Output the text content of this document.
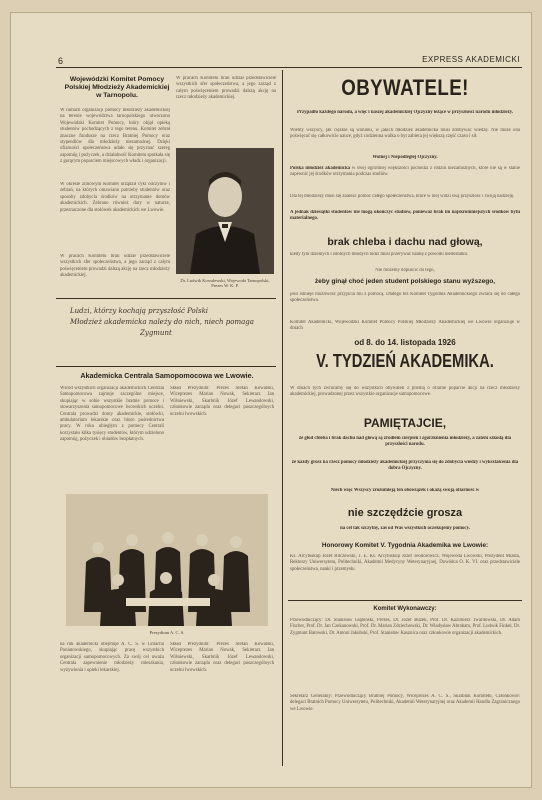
6	EXPRESS AKADEMICKI
Wojewódzki Komitet Pomocy Polskiej Młodzieży Akademickiej w Tarnopolu.
W ramach organizacji pomocy młodzieży akademickiej na terenie województwa tarnopolskiego utworzono Wojewódzki Komitet Pomocy, który objął opieką studentów pochodzących z tego terenu. Komitet zebrał znaczne fundusze na rzecz Bratniej Pomocy oraz stypendiów dla młodzieży niezamożnej. Dzięki ofiarności społeczeństwa udało się przyznać szereg zapomóg i pożyczek, a działalność Komitetu spotkała się z gorącym poparciem miejscowych władz i organizacji.
W okresie zimowym Komitet urządził cykl odczytów i zebrań, na których omawiano potrzeby studentów oraz sposoby zdobycia środków na utrzymanie domów akademickich. Zebrano również dary w naturze, przeznaczone dla stołówek akademickich we Lwowie.
W pracach Komitetu brali udział przedstawiciele wszystkich sfer społeczeństwa, a jego zarząd z całym poświęceniem prowadzi dalszą akcję na rzecz młodzieży akademickiej.
W pracach Komitetu brali udział przedstawiciele wszystkich sfer społeczeństwa, a jego zarząd z całym poświęceniem prowadzi dalszą akcję na rzecz młodzieży akademickiej.
Dr. Ludwik Kowalewski, Wojewoda Tarnopolski, Prezes W. K. P.
Ludzi, którzy kochają przyszłość Polski
Młodzież akademicka należy do nich, niech pomaga
Zygmunt
Akademicka Centrala Samopomocowa we Lwowie.
Wśród wszystkich organizacji akademickich Centrala Samopomocowa zajmuje szczególne miejsce, skupiając w sobie wszystkie bratnie pomoce i stowarzyszenia samopomocowe lwowskich uczelni. Centrala prowadzi domy akademickie, stołówki, ambulatorium lekarskie oraz biuro pośrednictwa pracy. W roku ubiegłym z pomocy Centrali korzystało kilka tysięcy studentów, którym udzielono zapomóg, pożyczek i obiadów bezpłatnych.
Skład Prezydium: Prezes Stefan Kowalski, Wiceprezes Marian Nowak, Sekretarz Jan Wiśniewski, Skarbnik Józef Lewandowski, członkowie zarządu oraz delegaci poszczególnych uczelni lwowskich.
Prezydium A. C. S.
na rok akademicki obejmuje A. C. S. w Gmachu Poniatowskiego, skupiając pracę wszystkich organizacji samopomocowych. Za swój cel uważa Centrala zapewnienie młodzieży mieszkania, wyżywienia i opieki lekarskiej.
Skład Prezydium: Prezes Stefan Kowalski, Wiceprezes Marian Nowak, Sekretarz Jan Wiśniewski, Skarbnik Józef Lewandowski, członkowie zarządu oraz delegaci poszczególnych uczelni lwowskich.
OBYWATELE!
Przypadło każdego narodu, a więc i naszej akademickiej Ojczyzny leżące w przyszłości narodu młodzieży.
Wiemy wszyscy, jak ciężkie są warunki, w jakich młodzież akademicka musi zdobywać wiedzę. Nie może ona poświęcać się całkowicie nauce, gdyż codzienna walka o byt zabiera jej większą część czasu i sił.
Wolnej i Niepodległej Ojczyzny.
Polska młodzież akademicka w swej ogromnej większości pochodzi z rodzin niezamożnych, które nie są w stanie zapewnić jej środków utrzymania podczas studiów.
Dla tej młodzieży musi się znaleźć pomoc całego społeczeństwa, które w niej widzi swą przyszłość i swoją nadzieję.
A jednak dziesiątki studentów nie mogą ukończyć studiów, ponieważ brak im najskromniejszych środków bytu materialnego.
brak chleba i dachu nad głową,
kiedy tylu dzielnych i zdolnych młodych ludzi musi przerywać naukę z powodu niedostatku.
Nie możemy dopuścić do tego,
żeby ginął choć jeden student polskiego stanu wyższego,
jeśli istnieje możliwość przyjścia mu z pomocą. Dlatego też Komitet Tygodnia Akademickiego zwraca się do całego społeczeństwa.
Komitet Akademicki, Wojewódzki Komitet Pomocy Polskiej Młodzieży Akademickiej we Lwowie organizuje w dniach
od 8. do 14. listopada 1926
V. TYDZIEŃ AKADEMIKA.
W dniach tych zwracamy się do wszystkich obywateli z prośbą o ofiarne poparcie akcji na rzecz młodzieży akademickiej, prowadzonej przez wszystkie organizacje samopomocowe.
PAMIĘTAJCIE,
że głód chleba i brak dachu nad głową są źródłem cierpień i zgorzknienia młodzieży, a zatem szkodą dla przyszłości narodu.
że każdy grosz na rzecz pomocy młodzieży akademickiej przyczynia się do zdobycia wiedzy i wykształcenia dla dobra Ojczyzny.
Niech więc Wszyscy zrozumieją ten obowiązek i okażą swoją ofiarność w
nie szczędźcie grosza
na cel tak szczytny, zaś od Was wszystkich oczekujemy pomocy.
Honorowy Komitet V. Tygodnia Akademika we Lwowie:
Ks. Arcybiskup Józef Bilczewski, J. E. Ks. Arcybiskup Józef Teodorowicz, Wojewoda Lwowski, Prezydent Miasta, Rektorzy Uniwersytetu, Politechniki, Akademii Medycyny Weterynaryjnej, Dowódca O. K. VI. oraz przedstawiciele społeczeństwa, nauki i przemysłu.
Komitet Wykonawczy:
Przewodniczący: Dr. Stanisław Głąbiński, Prezes, Dr. Józef Buzek, Prof. Dr. Kazimierz Twardowski, Dr. Adam Fischer, Prof. Dr. Jan Czekanowski, Prof. Dr. Marian Zdziechowski, Dr. Władysław Abraham, Prof. Ludwik Finkel, Dr. Zygmunt Batowski, Dr. Antoni Jakubski, Prof. Stanisław Kasznica oraz członkowie organizacji akademickich.
Sekretarz Generalny: Przewodniczący Bratniej Pomocy, Wiceprezes A. C. S., Skarbnik Komitetu, Członkowie: delegaci Bratnich Pomocy Uniwersytetu, Politechniki, Akademii Weterynaryjnej oraz Akademii Handlu Zagranicznego we Lwowie.
